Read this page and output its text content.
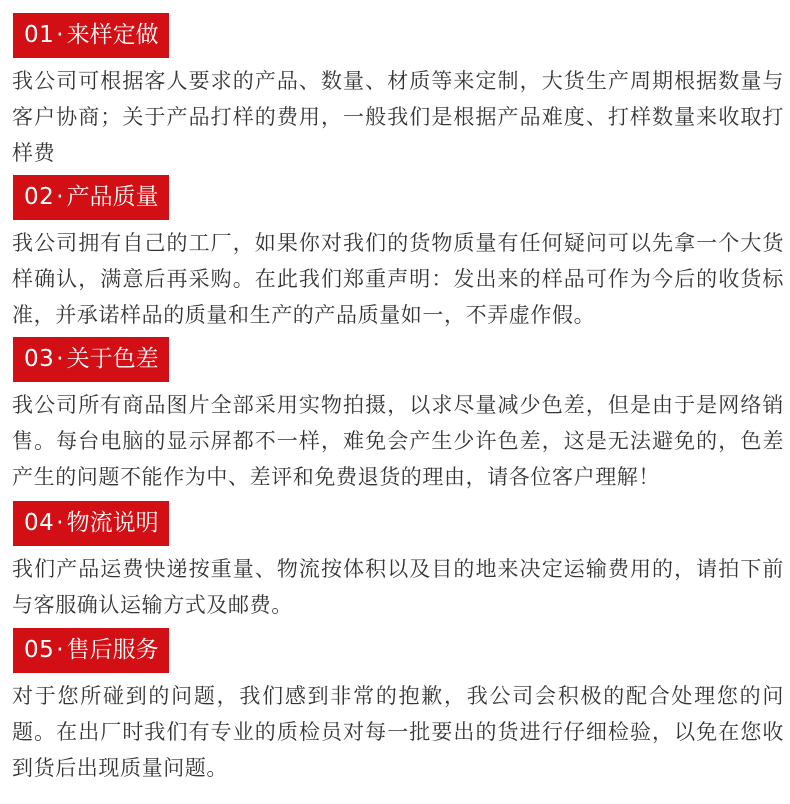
01· 来样定做

我公司可根据客人要求的产品、数量、材质等来定制，大货生产周期根据数量与客户协商；关于产品打样的费用，一般我们是根据产品难度、打样数量来收取打样费

02· 产品质量

我公司拥有自己的工厂，如果你对我们的货物质量有任何疑问可以先拿一个大货样确认，满意后再采购。在此我们郑重声明：发出来的样品可作为今后的收货标准，并承诺样品的质量和生产的产品质量如一，不弄虚作假。

03· 关于色差

我公司所有商品图片全部采用实物拍摄，以求尽量减少色差，但是由于是网络销售。每台电脑的显示屏都不一样，难免会产生少许色差，这是无法避免的，色差产生的问题不能作为中、差评和免费退货的理由，请各位客户理解！

04· 物流说明

我们产品运费快递按重量、物流按体积以及目的地来决定运输费用的，请拍下前与客服确认运输方式及邮费。

05· 售后服务

对于您所碰到的问题，我们感到非常的抱歉，我公司会积极的配合处理您的问题。在出厂时我们有专业的质检员对每一批要出的货进行仔细检验，以免在您收到货后出现质量问题。
